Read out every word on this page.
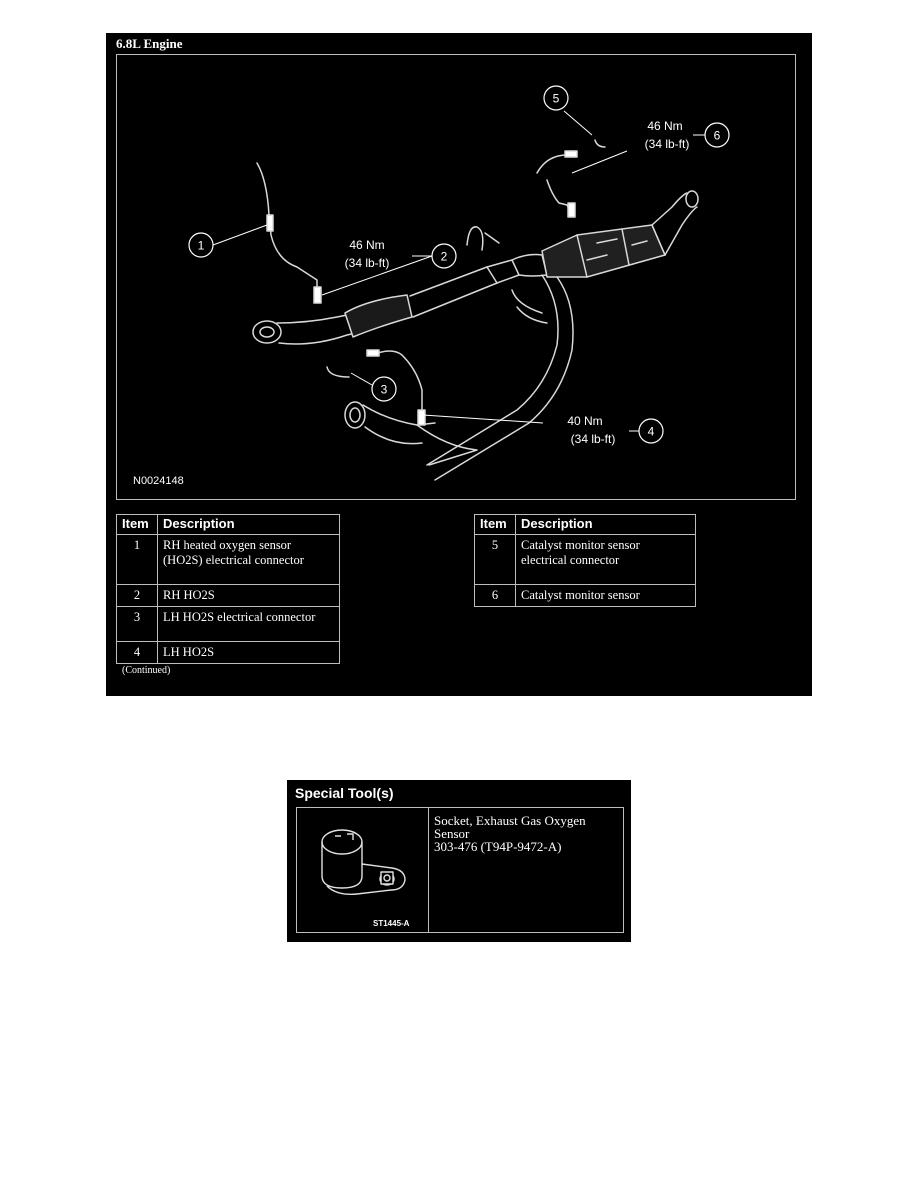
6.8L Engine
1
2
46 Nm
(34 lb-ft)
3
4
40 Nm
(34 lb-ft)
5
6
46 Nm
(34 lb-ft)
N0024148
Item	Description
1	RH heated oxygen sensor
(HO2S) electrical connector

2	RH HO2S
3	LH HO2S electrical connector
4	LH HO2S
Item	Description
5	Catalyst monitor sensor
electrical connector

6	Catalyst monitor sensor
(Continued)
Special Tool(s)
ST1445-A
Socket, Exhaust Gas Oxygen
Sensor
303-476 (T94P-9472-A)
